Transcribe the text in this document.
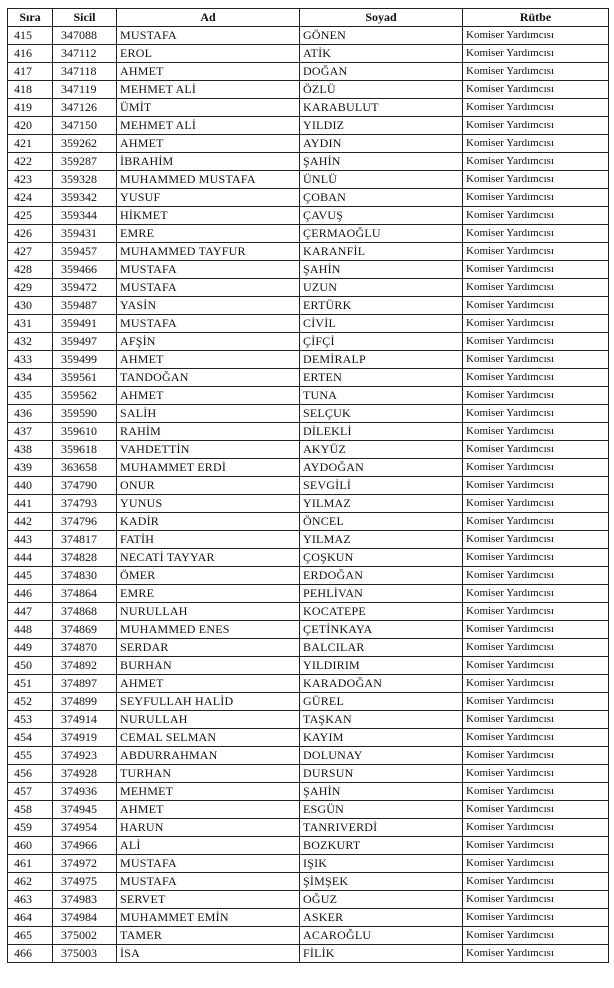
Sıra	Sicil	Ad	Soyad	Rütbe
415	347088	MUSTAFA	GÖNEN	Komiser Yardımcısı
416	347112	EROL	ATİK	Komiser Yardımcısı
417	347118	AHMET	DOĞAN	Komiser Yardımcısı
418	347119	MEHMET ALİ	ÖZLÜ	Komiser Yardımcısı
419	347126	ÜMİT	KARABULUT	Komiser Yardımcısı
420	347150	MEHMET ALİ	YILDIZ	Komiser Yardımcısı
421	359262	AHMET	AYDIN	Komiser Yardımcısı
422	359287	İBRAHİM	ŞAHİN	Komiser Yardımcısı
423	359328	MUHAMMED MUSTAFA	ÜNLÜ	Komiser Yardımcısı
424	359342	YUSUF	ÇOBAN	Komiser Yardımcısı
425	359344	HİKMET	ÇAVUŞ	Komiser Yardımcısı
426	359431	EMRE	ÇERMAOĞLU	Komiser Yardımcısı
427	359457	MUHAMMED TAYFUR	KARANFİL	Komiser Yardımcısı
428	359466	MUSTAFA	ŞAHİN	Komiser Yardımcısı
429	359472	MUSTAFA	UZUN	Komiser Yardımcısı
430	359487	YASİN	ERTÜRK	Komiser Yardımcısı
431	359491	MUSTAFA	CİVİL	Komiser Yardımcısı
432	359497	AFŞİN	ÇİFÇİ	Komiser Yardımcısı
433	359499	AHMET	DEMİRALP	Komiser Yardımcısı
434	359561	TANDOĞAN	ERTEN	Komiser Yardımcısı
435	359562	AHMET	TUNA	Komiser Yardımcısı
436	359590	SALİH	SELÇUK	Komiser Yardımcısı
437	359610	RAHİM	DİLEKLİ	Komiser Yardımcısı
438	359618	VAHDETTİN	AKYÜZ	Komiser Yardımcısı
439	363658	MUHAMMET ERDİ	AYDOĞAN	Komiser Yardımcısı
440	374790	ONUR	SEVGİLİ	Komiser Yardımcısı
441	374793	YUNUS	YILMAZ	Komiser Yardımcısı
442	374796	KADİR	ÖNCEL	Komiser Yardımcısı
443	374817	FATİH	YILMAZ	Komiser Yardımcısı
444	374828	NECATİ TAYYAR	ÇOŞKUN	Komiser Yardımcısı
445	374830	ÖMER	ERDOĞAN	Komiser Yardımcısı
446	374864	EMRE	PEHLİVAN	Komiser Yardımcısı
447	374868	NURULLAH	KOCATEPE	Komiser Yardımcısı
448	374869	MUHAMMED ENES	ÇETİNKAYA	Komiser Yardımcısı
449	374870	SERDAR	BALCILAR	Komiser Yardımcısı
450	374892	BURHAN	YILDIRIM	Komiser Yardımcısı
451	374897	AHMET	KARADOĞAN	Komiser Yardımcısı
452	374899	SEYFULLAH HALİD	GÜREL	Komiser Yardımcısı
453	374914	NURULLAH	TAŞKAN	Komiser Yardımcısı
454	374919	CEMAL SELMAN	KAYIM	Komiser Yardımcısı
455	374923	ABDURRAHMAN	DOLUNAY	Komiser Yardımcısı
456	374928	TURHAN	DURSUN	Komiser Yardımcısı
457	374936	MEHMET	ŞAHİN	Komiser Yardımcısı
458	374945	AHMET	ESGÜN	Komiser Yardımcısı
459	374954	HARUN	TANRIVERDİ	Komiser Yardımcısı
460	374966	ALİ	BOZKURT	Komiser Yardımcısı
461	374972	MUSTAFA	IŞIK	Komiser Yardımcısı
462	374975	MUSTAFA	ŞİMŞEK	Komiser Yardımcısı
463	374983	SERVET	OĞUZ	Komiser Yardımcısı
464	374984	MUHAMMET EMİN	ASKER	Komiser Yardımcısı
465	375002	TAMER	ACAROĞLU	Komiser Yardımcısı
466	375003	İSA	FİLİK	Komiser Yardımcısı
